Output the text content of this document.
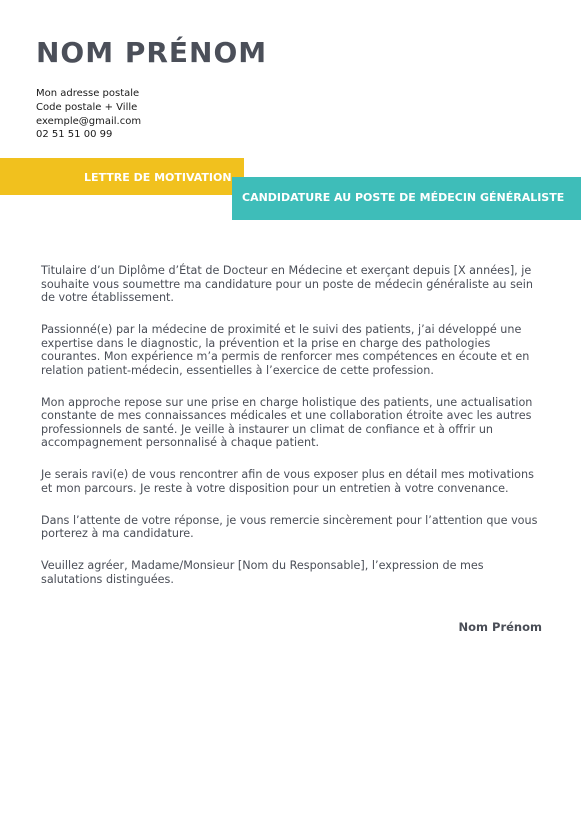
NOM PRÉNOM
Mon adresse postale
Code postale + Ville
exemple@gmail.com
02 51 51 00 99
LETTRE DE MOTIVATION
CANDIDATURE AU POSTE DE MÉDECIN GÉNÉRALISTE

Titulaire d’un Diplôme d’État de Docteur en Médecine et exerçant depuis [X années], je souhaite vous soumettre ma candidature pour un poste de médecin généraliste au sein de votre établissement.

Passionné(e) par la médecine de proximité et le suivi des patients, j’ai développé une expertise dans le diagnostic, la prévention et la prise en charge des pathologies courantes. Mon expérience m’a permis de renforcer mes compétences en écoute et en relation patient-médecin, essentielles à l’exercice de cette profession.

Mon approche repose sur une prise en charge holistique des patients, une actualisation constante de mes connaissances médicales et une collaboration étroite avec les autres professionnels de santé. Je veille à instaurer un climat de confiance et à offrir un accompagnement personnalisé à chaque patient.

Je serais ravi(e) de vous rencontrer afin de vous exposer plus en détail mes motivations et mon parcours. Je reste à votre disposition pour un entretien à votre convenance.

Dans l’attente de votre réponse, je vous remercie sincèrement pour l’attention que vous porterez à ma candidature.

Veuillez agréer, Madame/Monsieur [Nom du Responsable], l’expression de mes salutations distinguées.

Nom Prénom
